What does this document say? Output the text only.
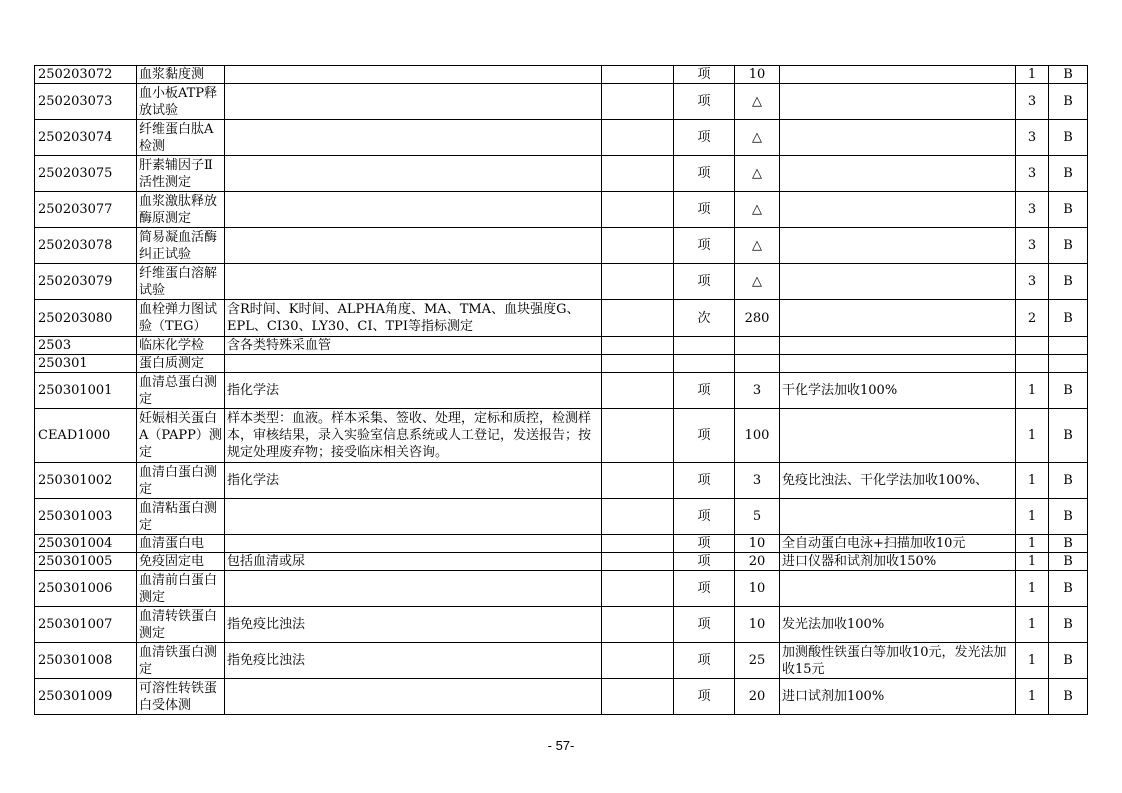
250203072	血浆黏度测			项	10		1	B
250203073	血小板ATP释放试验			项	△		3	B
250203074	纤维蛋白肽A检测			项	△		3	B
250203075	肝素辅因子Ⅱ活性测定			项	△		3	B
250203077	血浆激肽释放酶原测定			项	△		3	B
250203078	简易凝血活酶纠正试验			项	△		3	B
250203079	纤维蛋白溶解试验			项	△		3	B
250203080	血栓弹力图试验（TEG）	含R时间、K时间、ALPHA角度、MA、TMA、血块强度G、EPL、CI30、LY30、CI、TPI等指标测定		次	280		2	B
2503	临床化学检	含各类特殊采血管						
250301	蛋白质测定							
250301001	血清总蛋白测定	指化学法		项	3	干化学法加收100%	1	B
CEAD1000	妊娠相关蛋白A（PAPP）测定	样本类型：血液。样本采集、签收、处理，定标和质控，检测样本，审核结果，录入实验室信息系统或人工登记，发送报告；按规定处理废弃物；接受临床相关咨询。		项	100		1	B
250301002	血清白蛋白测定	指化学法		项	3	免疫比浊法、干化学法加收100%、	1	B
250301003	血清粘蛋白测定			项	5		1	B
250301004	血清蛋白电			项	10	全自动蛋白电泳+扫描加收10元	1	B
250301005	免疫固定电	包括血清或尿		项	20	进口仪器和试剂加收150%	1	B
250301006	血清前白蛋白测定			项	10		1	B
250301007	血清转铁蛋白测定	指免疫比浊法		项	10	发光法加收100%	1	B
250301008	血清铁蛋白测定	指免疫比浊法		项	25	加测酸性铁蛋白等加收10元，发光法加收15元	1	B
250301009	可溶性转铁蛋白受体测			项	20	进口试剂加100%	1	B
- 57-
